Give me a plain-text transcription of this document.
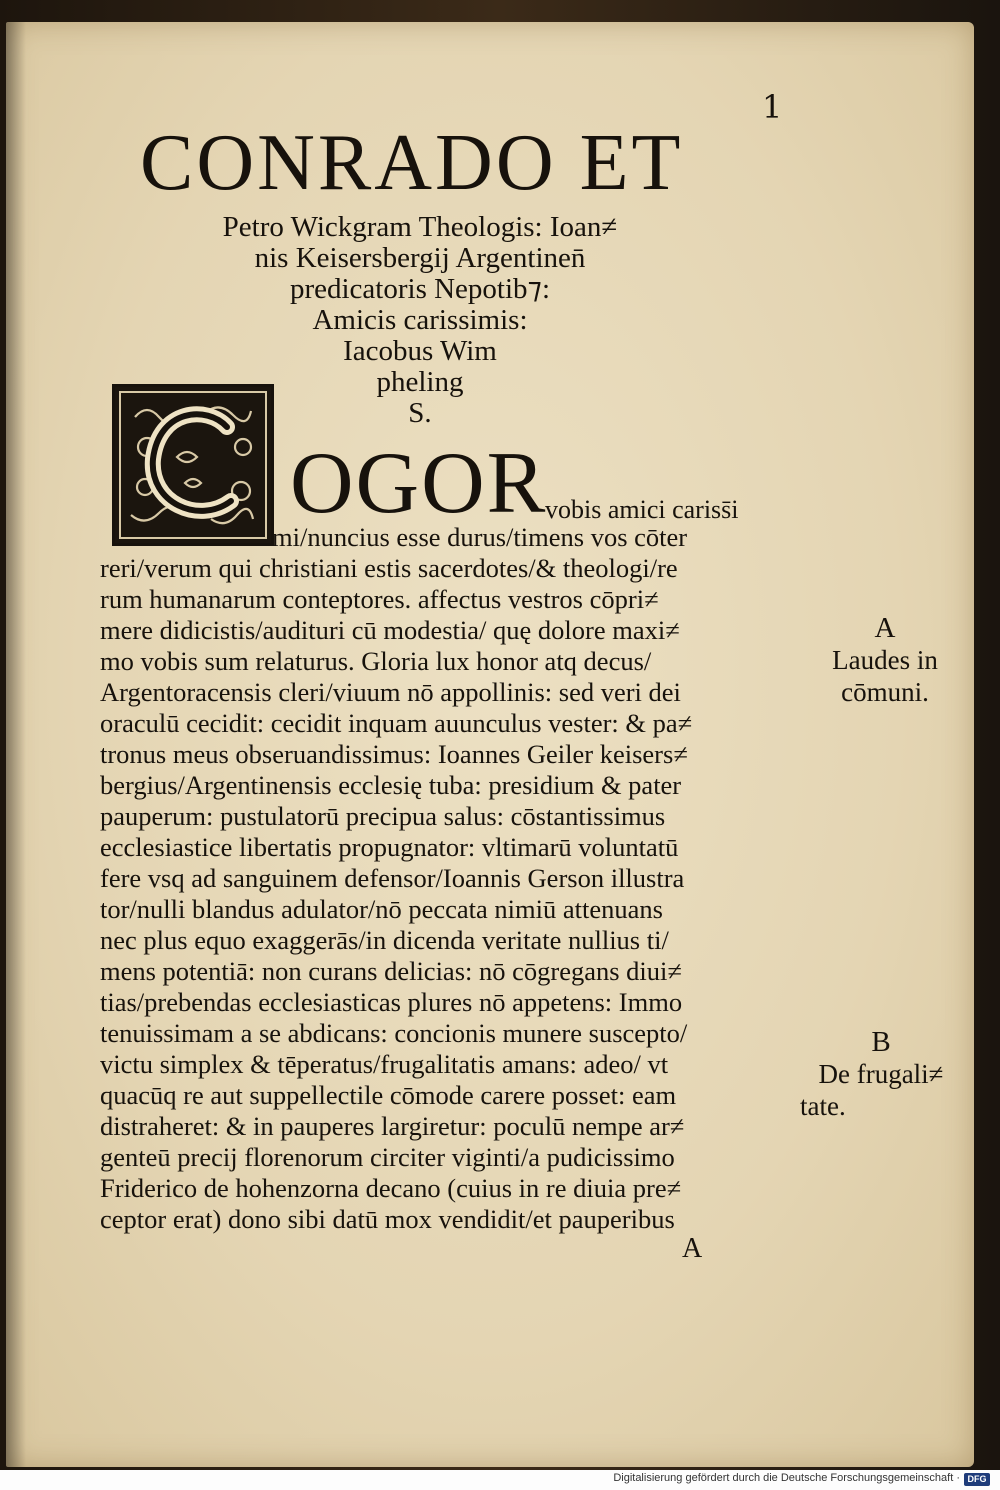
1
CONRADO ET
Petro Wickgram Theologis: Ioan≠
nis Keisersbergij Argentinen̄
predicatoris Nepotib⁊:
Amicis carissimis:
Iacobus Wim
pheling
S.
OGOR
vobis amici cariss̄i
mi/nuncius esse durus/timens vos cōter
reri/verum qui christiani estis sacerdotes/& theologi/re
rum humanarum conteptores. affectus vestros cōpri≠
mere didicistis/audituri cū modestia/ quę dolore maxi≠
mo vobis sum relaturus. Gloria lux honor atq decus/
Argentoracensis cleri/viuum nō appollinis: sed veri dei
oraculū cecidit: cecidit inquam auunculus vester: & pa≠
tronus meus obseruandissimus: Ioannes Geiler keisers≠
bergius/Argentinensis ecclesię tuba: presidium & pater
pauperum: pustulatorū precipua salus: cōstantissimus
ecclesiastice libertatis propugnator: vltimarū voluntatū
fere vsq ad sanguinem defensor/Ioannis Gerson illustra
tor/nulli blandus adulator/nō peccata nimiū attenuans
nec plus equo exaggerās/in dicenda veritate nullius ti/
mens potentiā: non curans delicias: nō cōgregans diui≠
tias/prebendas ecclesiasticas plures nō appetens: Immo
tenuissimam a se abdicans: concionis munere suscepto/
victu simplex & tēperatus/frugalitatis amans: adeo/ vt
quacūq re aut suppellectile cōmode carere posset: eam
distraheret: & in pauperes largiretur: poculū nempe ar≠
genteū precij florenorum circiter viginti/a pudicissimo
Friderico de hohenzorna decano (cuius in re diuia pre≠
ceptor erat) dono sibi datū mox vendidit/et pauperibus
A
A
Laudes in
cōmuni.
B
De frugali≠
tate.
Digitalisierung gefördert durch die Deutsche Forschungsgemeinschaft · DFG
